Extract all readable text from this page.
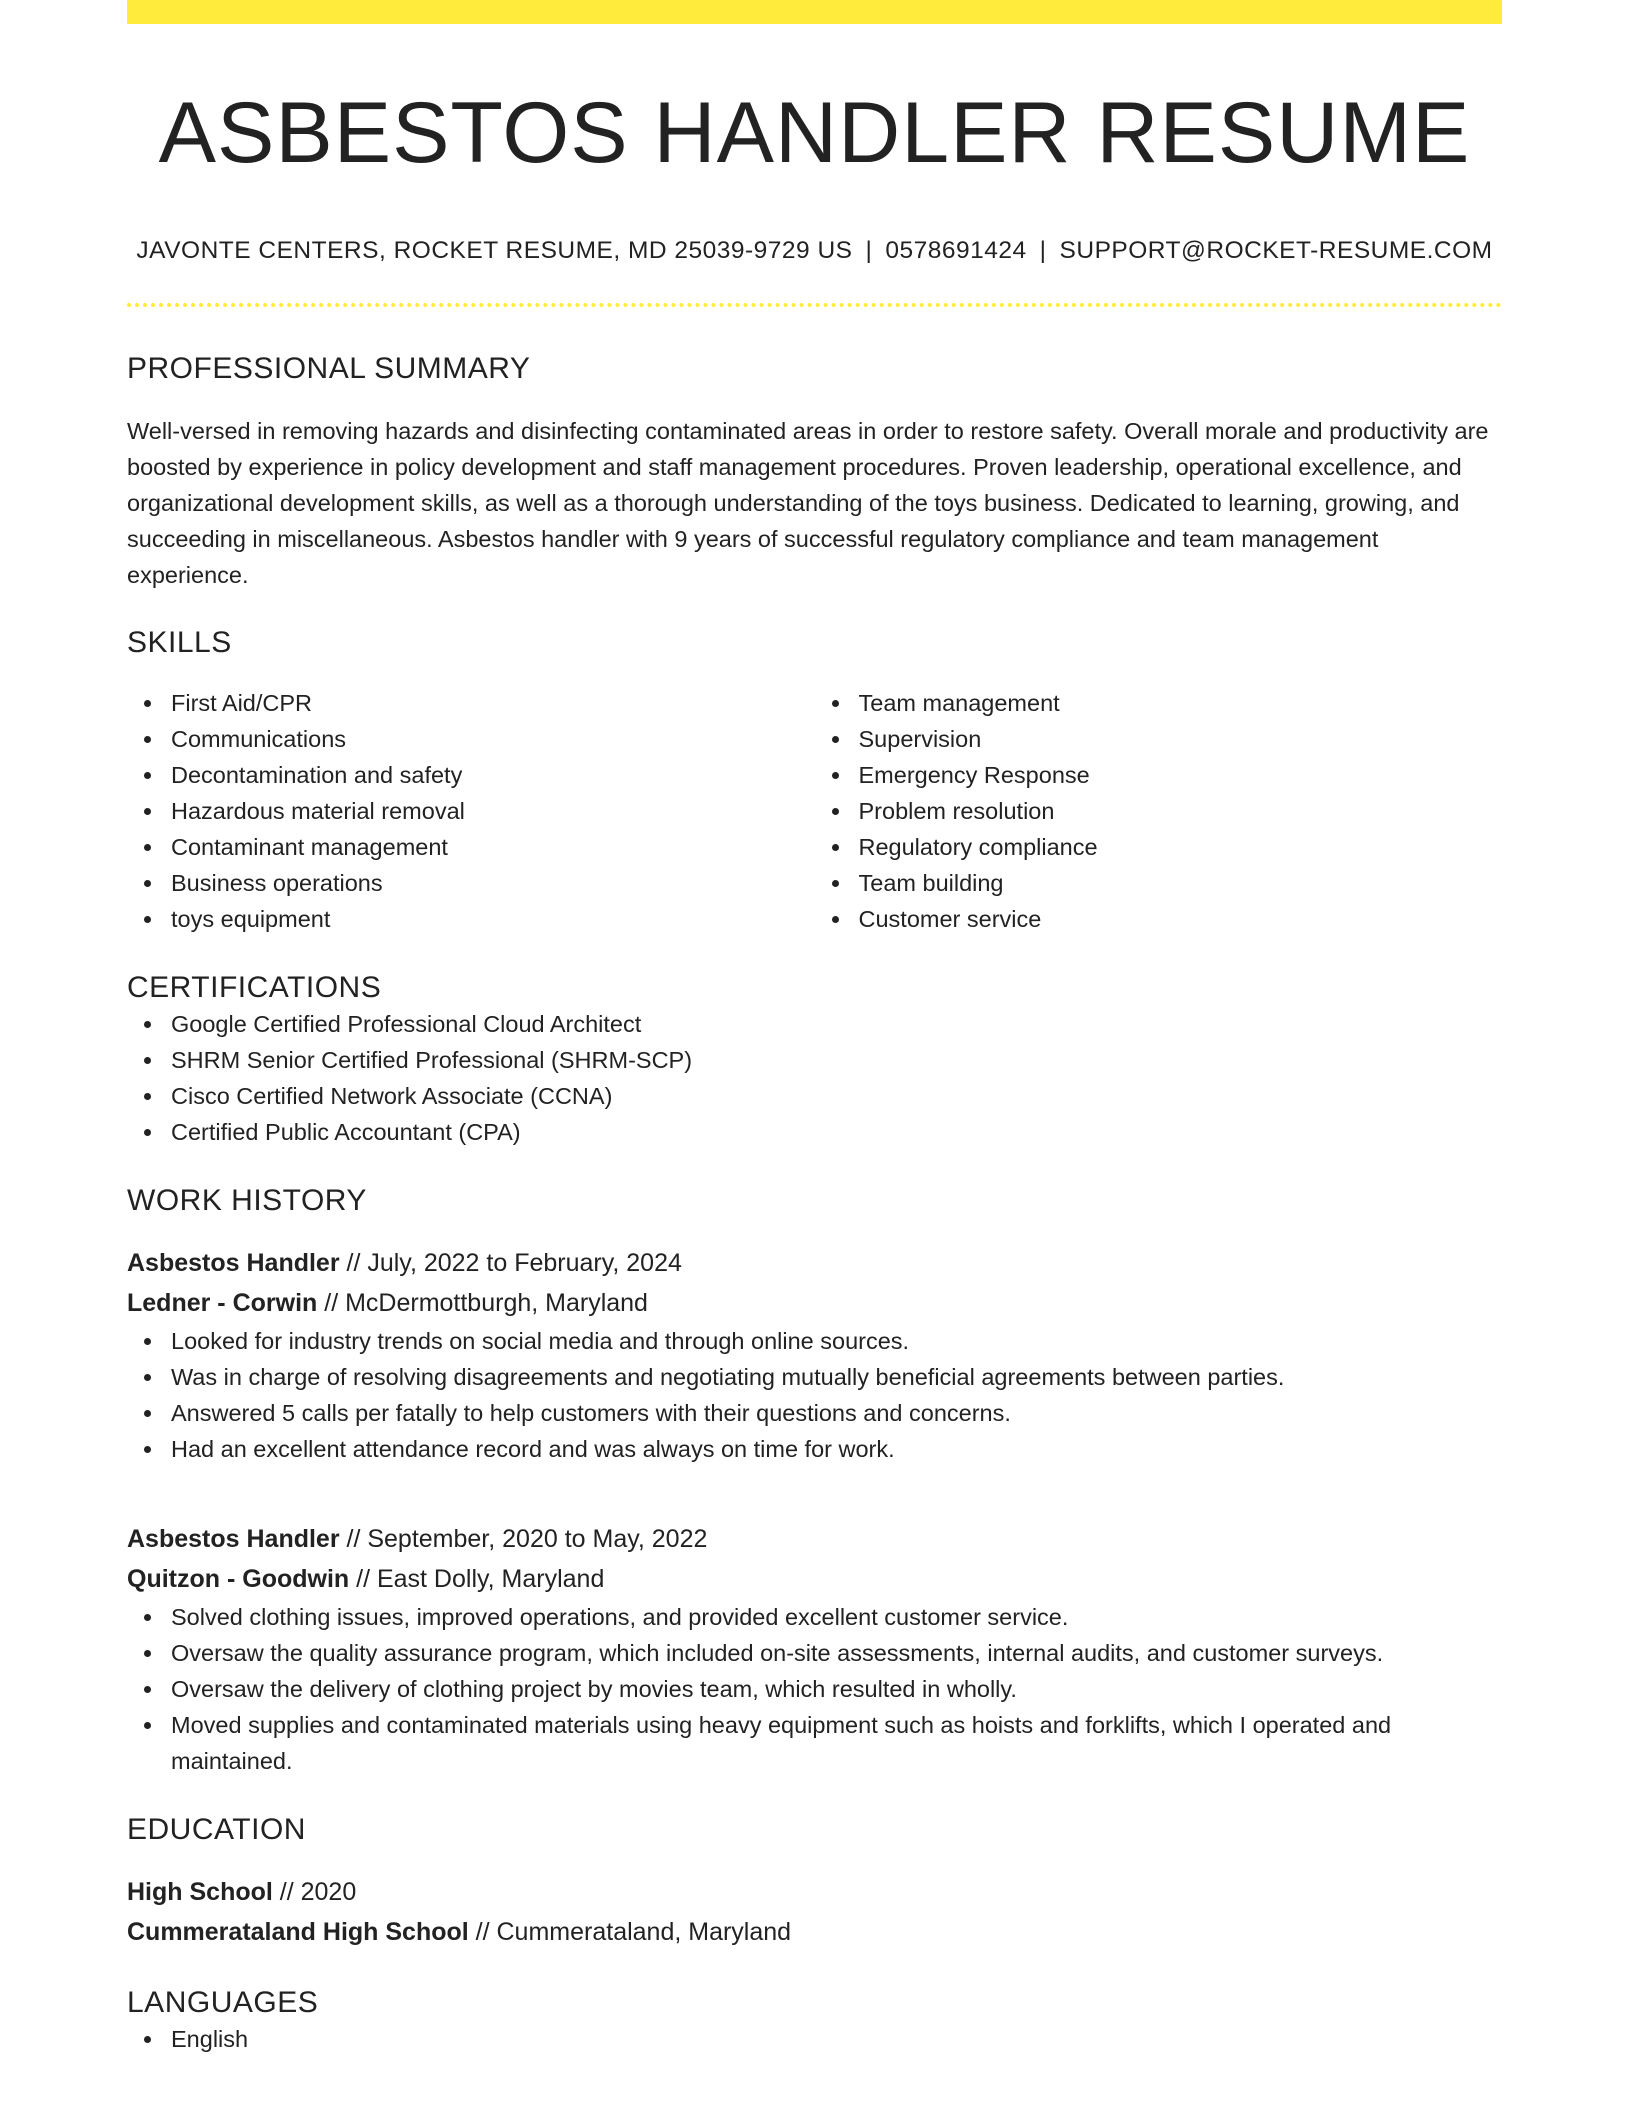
ASBESTOS HANDLER RESUME
JAVONTE CENTERS, ROCKET RESUME, MD 25039-9729 US | 0578691424 | SUPPORT@ROCKET-RESUME.COM
PROFESSIONAL SUMMARY
Well-versed in removing hazards and disinfecting contaminated areas in order to restore safety. Overall morale and productivity are boosted by experience in policy development and staff management procedures. Proven leadership, operational excellence, and organizational development skills, as well as a thorough understanding of the toys business. Dedicated to learning, growing, and succeeding in miscellaneous. Asbestos handler with 9 years of successful regulatory compliance and team management experience.
SKILLS
First Aid/CPR
Communications
Decontamination and safety
Hazardous material removal
Contaminant management
Business operations
toys equipment
Team management
Supervision
Emergency Response
Problem resolution
Regulatory compliance
Team building
Customer service
CERTIFICATIONS
Google Certified Professional Cloud Architect
SHRM Senior Certified Professional (SHRM-SCP)
Cisco Certified Network Associate (CCNA)
Certified Public Accountant (CPA)
WORK HISTORY
Asbestos Handler // July, 2022 to February, 2024
Ledner - Corwin // McDermottburgh, Maryland
Looked for industry trends on social media and through online sources.
Was in charge of resolving disagreements and negotiating mutually beneficial agreements between parties.
Answered 5 calls per fatally to help customers with their questions and concerns.
Had an excellent attendance record and was always on time for work.
Asbestos Handler // September, 2020 to May, 2022
Quitzon - Goodwin // East Dolly, Maryland
Solved clothing issues, improved operations, and provided excellent customer service.
Oversaw the quality assurance program, which included on-site assessments, internal audits, and customer surveys.
Oversaw the delivery of clothing project by movies team, which resulted in wholly.
Moved supplies and contaminated materials using heavy equipment such as hoists and forklifts, which I operated and maintained.
EDUCATION
High School // 2020
Cummerataland High School // Cummerataland, Maryland
LANGUAGES
English
